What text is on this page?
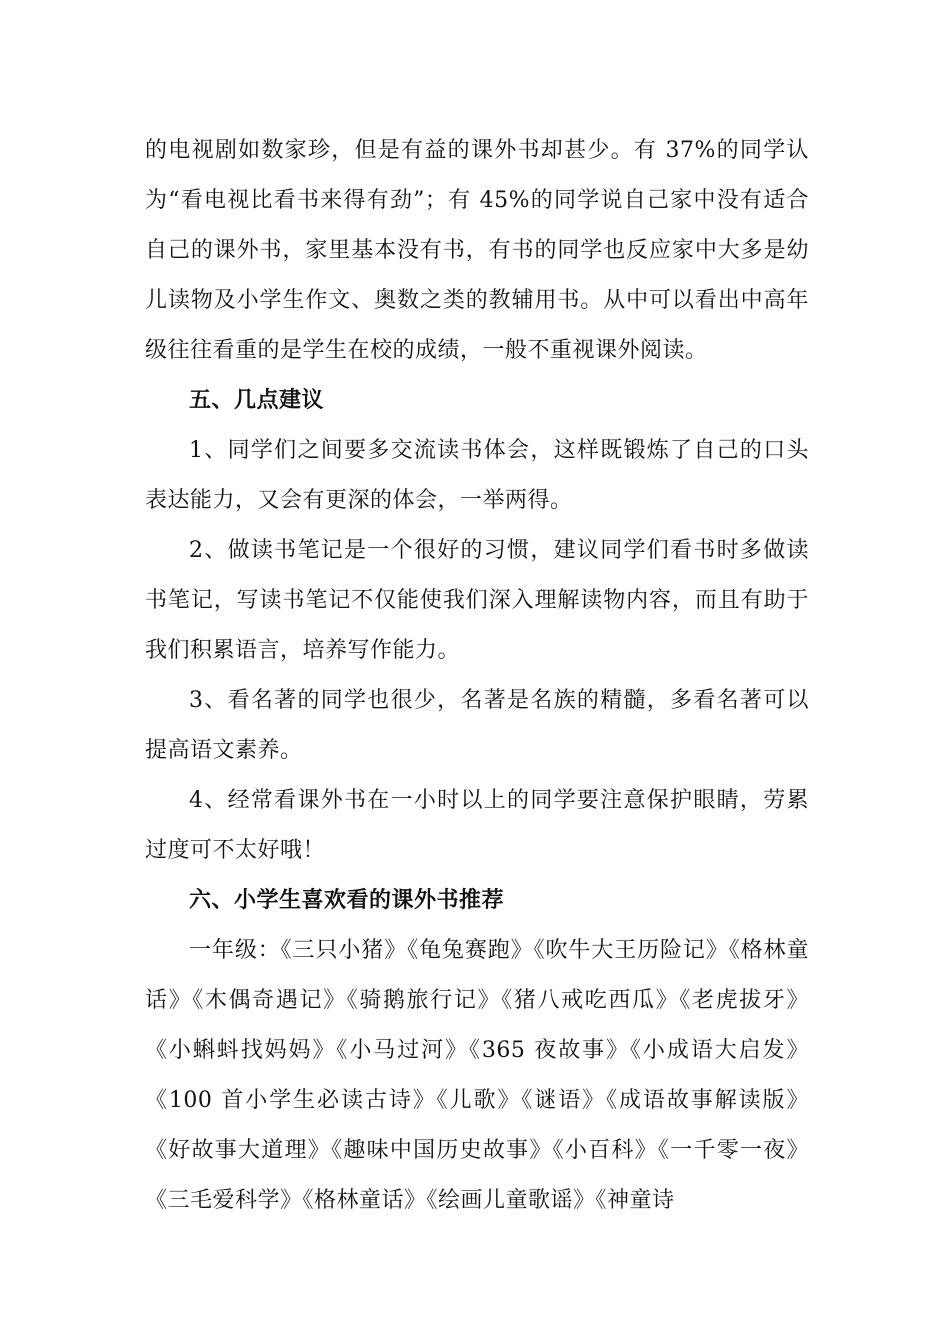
的电视剧如数家珍，但是有益的课外书却甚少。有 37%的同学认为“看电视比看书来得有劲”；有 45%的同学说自己家中没有适合自己的课外书，家里基本没有书，有书的同学也反应家中大多是幼儿读物及小学生作文、奥数之类的教辅用书。从中可以看出中高年级往往看重的是学生在校的成绩，一般不重视课外阅读。

五、几点建议

1、同学们之间要多交流读书体会，这样既锻炼了自己的口头表达能力，又会有更深的体会，一举两得。

2、做读书笔记是一个很好的习惯，建议同学们看书时多做读书笔记，写读书笔记不仅能使我们深入理解读物内容，而且有助于我们积累语言，培养写作能力。

3、看名著的同学也很少，名著是名族的精髓，多看名著可以提高语文素养。

4、经常看课外书在一小时以上的同学要注意保护眼睛，劳累过度可不太好哦！

六、小学生喜欢看的课外书推荐

一年级：《三只小猪》《龟兔赛跑》《吹牛大王历险记》《格林童话》《木偶奇遇记》《骑鹅旅行记》《猪八戒吃西瓜》《老虎拔牙》《小蝌蚪找妈妈》《小马过河》《365 夜故事》《小成语大启发》《100 首小学生必读古诗》《儿歌》《谜语》《成语故事解读版》 《好故事大道理》《趣味中国历史故事》《小百科》《一千零一夜》《三毛爱科学》《格林童话》《绘画儿童歌谣》《神童诗
